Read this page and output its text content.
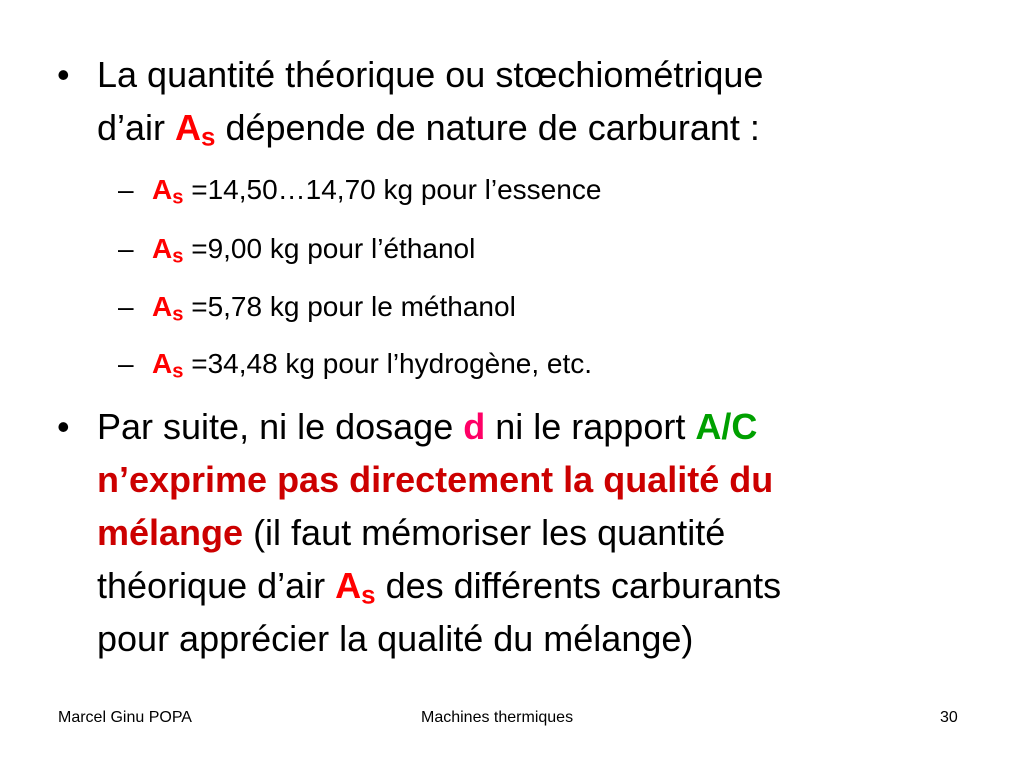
• La quantité théorique ou stœchiométrique
d’air $A_s$ dépende de nature de carburant :
– $A_s$ =14,50…14,70 kg pour l’essence
– $A_s =9,00$ kg pour l’éthanol
– $A_s =5,78$ kg pour le méthanol
– $A_s =34,48$ kg pour l’hydrogène, etc.
• Par suite, ni le dosage d ni le rapport A/C
n’exprime pas directement la qualité du
mélange (il faut mémoriser les quantité
théorique d’air $A_s$ des différents carburants
pour apprécier la qualité du mélange)
Marcel Ginu POPA	Machines thermiques	30
